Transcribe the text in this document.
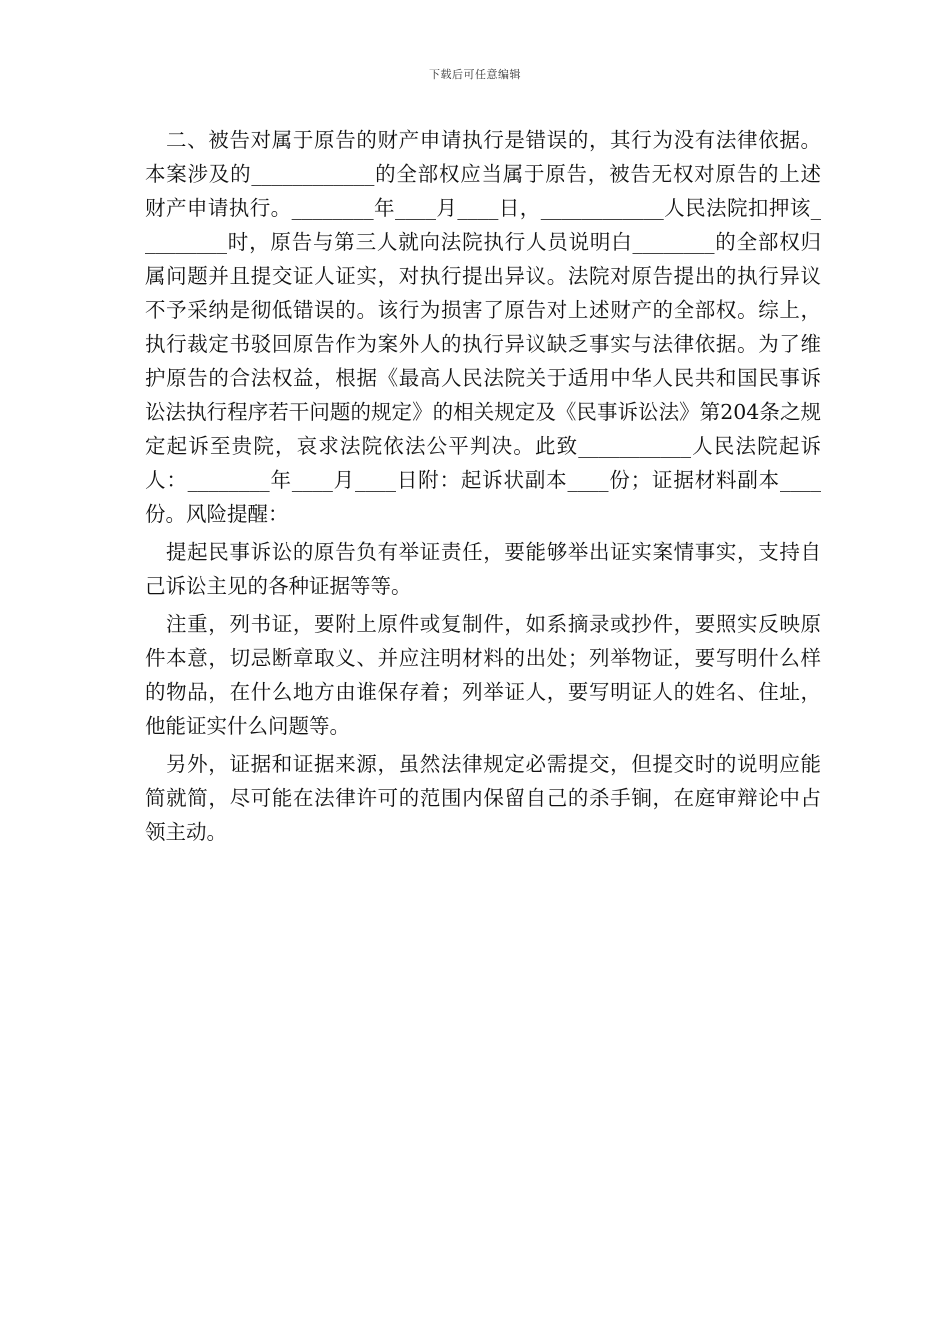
下载后可任意编辑

二、被告对属于原告的财产申请执行是错误的，其行为没有法律依据。本案涉及的____________的全部权应当属于原告，被告无权对原告的上述财产申请执行。________年____月____日，____________人民法院扣押该_________时，原告与第三人就向法院执行人员说明白________的全部权归属问题并且提交证人证实，对执行提出异议。法院对原告提出的执行异议不予采纳是彻低错误的。该行为损害了原告对上述财产的全部权。综上，执行裁定书驳回原告作为案外人的执行异议缺乏事实与法律依据。为了维护原告的合法权益，根据《最高人民法院关于适用中华人民共和国民事诉讼法执行程序若干问题的规定》的相关规定及《民事诉讼法》第204条之规定起诉至贵院，哀求法院依法公平判决。此致___________人民法院起诉人：________年____月____日附：起诉状副本____份；证据材料副本____份。风险提醒：

提起民事诉讼的原告负有举证责任，要能够举出证实案情事实，支持自己诉讼主见的各种证据等等。

注重，列书证，要附上原件或复制件，如系摘录或抄件，要照实反映原件本意，切忌断章取义、并应注明材料的出处；列举物证，要写明什么样的物品，在什么地方由谁保存着；列举证人，要写明证人的姓名、住址，他能证实什么问题等。

另外，证据和证据来源，虽然法律规定必需提交，但提交时的说明应能简就简，尽可能在法律许可的范围内保留自己的杀手锏，在庭审辩论中占领主动。
